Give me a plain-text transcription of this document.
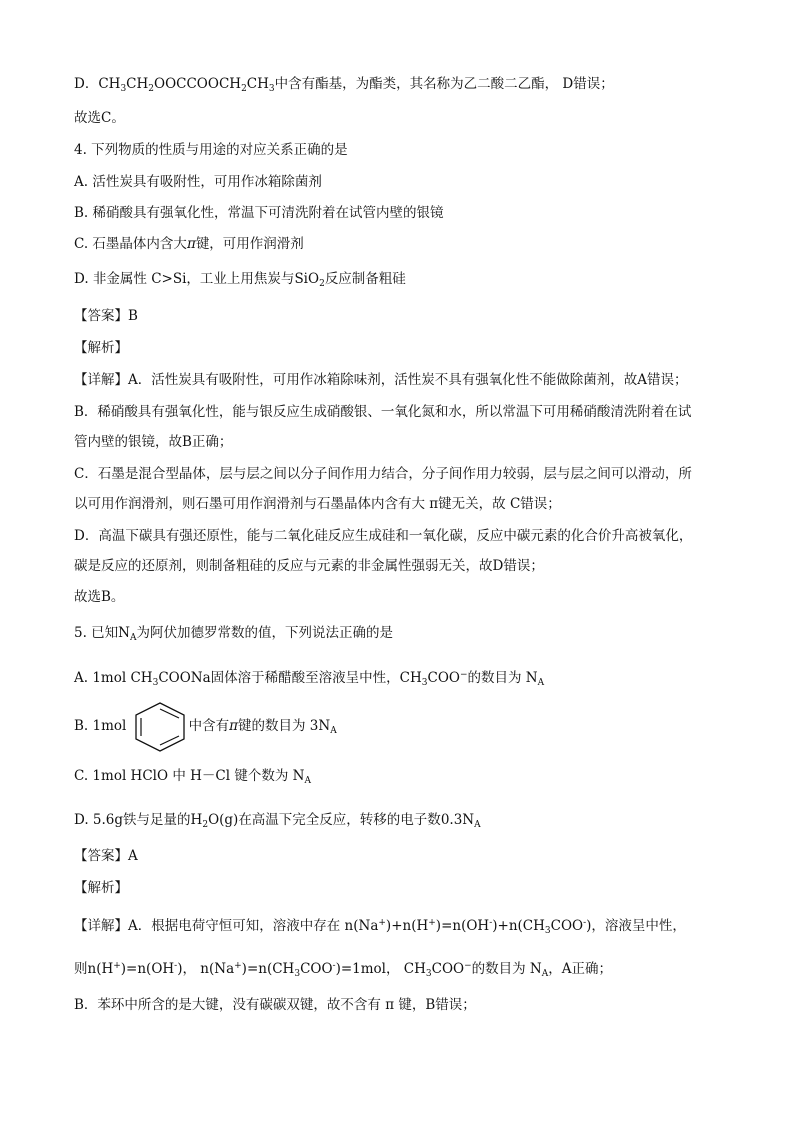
D．$CH_3CH_2OOCCOOCH_2CH_3$中含有酯基，为酯类，其名称为乙二酸二乙酯， D错误；
故选C。
4. 下列物质的性质与用途的对应关系正确的是
A. 活性炭具有吸附性，可用作冰箱除菌剂
B. 稀硝酸具有强氧化性，常温下可清洗附着在试管内壁的银镜
C. 石墨晶体内含大π键，可用作润滑剂
D. 非金属性 C>Si，工业上用焦炭与SiO$_2$反应制备粗硅
【答案】B
【解析】
【详解】A．活性炭具有吸附性，可用作冰箱除味剂，活性炭不具有强氧化性不能做除菌剂，故A错误；
B．稀硝酸具有强氧化性，能与银反应生成硝酸银、一氧化氮和水，所以常温下可用稀硝酸清洗附着在试
管内壁的银镜，故B正确；
C．石墨是混合型晶体，层与层之间以分子间作用力结合，分子间作用力较弱，层与层之间可以滑动，所
以可用作润滑剂，则石墨可用作润滑剂与石墨晶体内含有大 π键无关，故 C错误；
D．高温下碳具有强还原性，能与二氧化硅反应生成硅和一氧化碳，反应中碳元素的化合价升高被氧化，
碳是反应的还原剂，则制备粗硅的反应与元素的非金属性强弱无关，故D错误；
故选B。
5. 已知$N_A$为阿伏加德罗常数的值，下列说法正确的是
A. 1mol $CH_3COONa$固体溶于稀醋酸至溶液呈中性，$CH_3COO^-$的数目为 $N_A$
B. 1mol	中含有π键的数目为 $3N_A$
C. 1mol HClO 中 H－Cl 键个数为 $N_A$
D. 5.6g铁与足量的$H_2O(g)$在高温下完全反应，转移的电子数$0.3N_A$
【答案】A
【解析】
【详解】A．根据电荷守恒可知，溶液中存在 $n(Na^+)+n(H^+)=n(OH^-)+n(CH_3COO^-)$，溶液呈中性，
则n(H+)=n(OH-)， $n(Na^+)=n(CH_3COO^-)=1mol$， $CH_3COO^-$的数目为 $N_A$，A正确；
B．苯环中所含的是大键，没有碳碳双键，故不含有 π 键，B错误；
